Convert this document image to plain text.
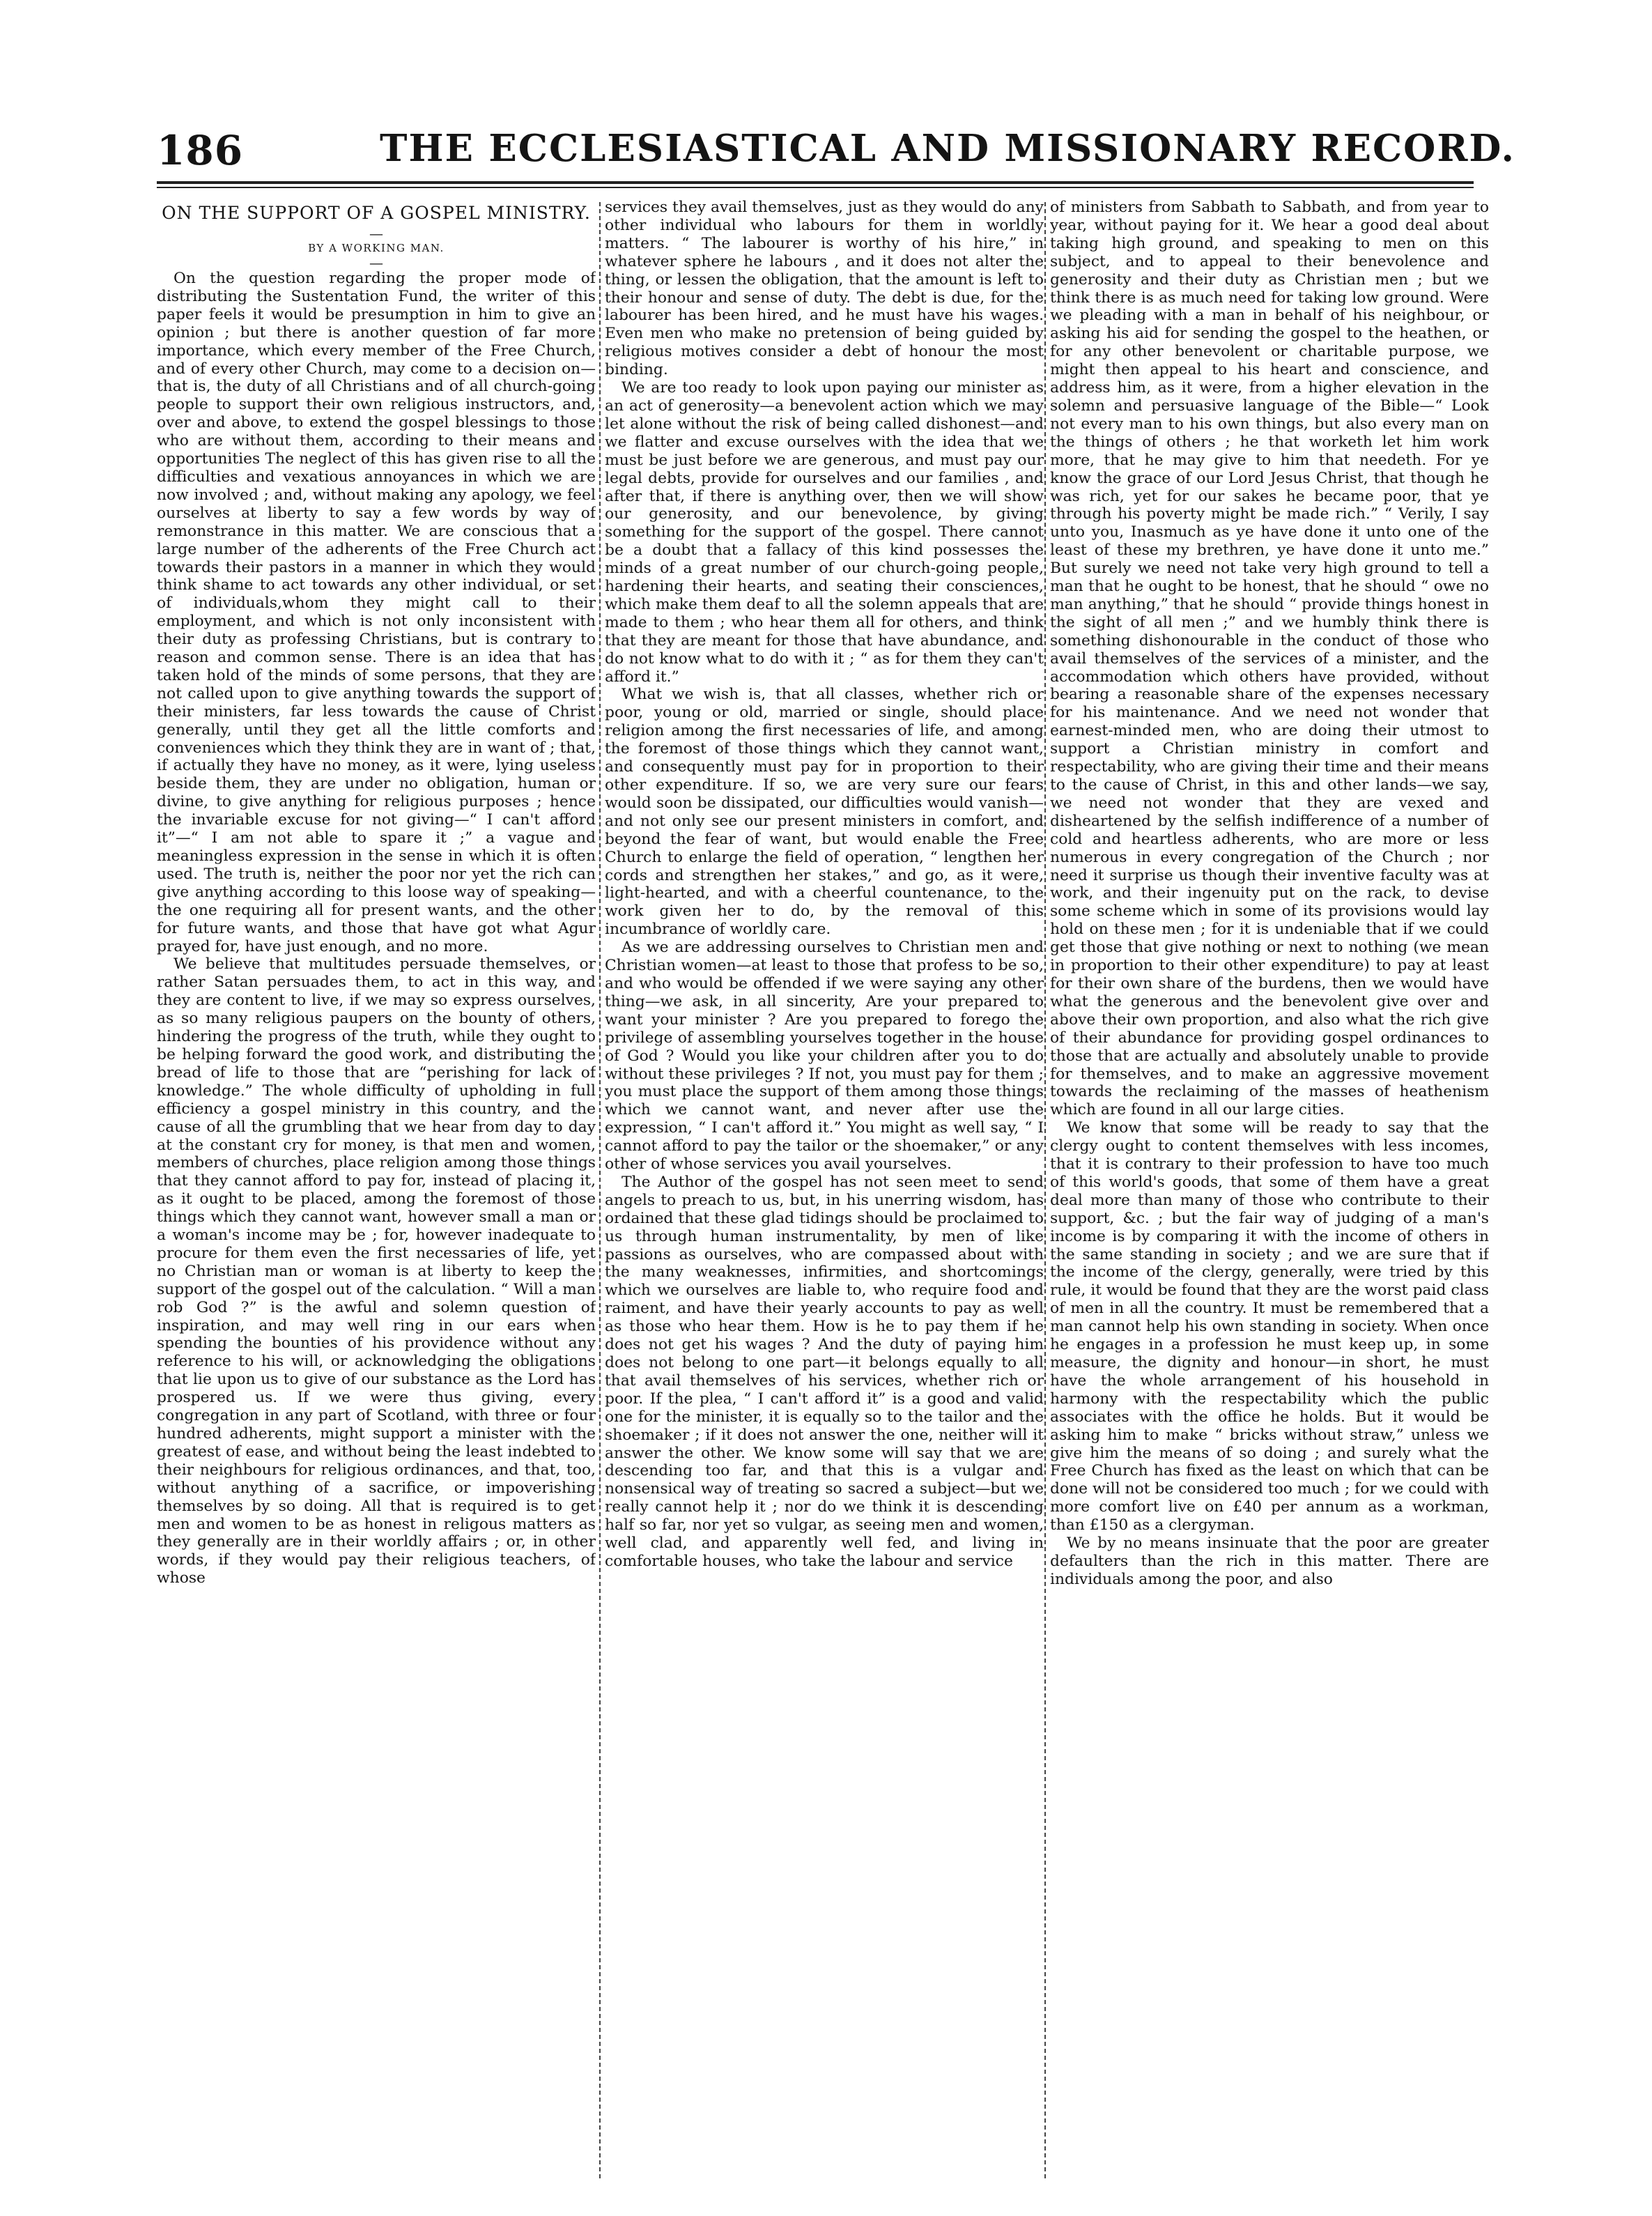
186	THE ECCLESIASTICAL AND MISSIONARY RECORD.

ON THE SUPPORT OF A GOSPEL MINISTRY.

—
BY A WORKING MAN.
—

On the question regarding the proper mode of distributing the Sustentation Fund, the writer of this paper feels it would be presumption in him to give an opinion ; but there is another question of far more importance, which every member of the Free Church, and of every other Church, may come to a decision on—that is, the duty of all Christians and of all church-going people to support their own religious instructors, and, over and above, to extend the gospel blessings to those who are without them, according to their means and opportunities The neglect of this has given rise to all the difficulties and vexatious annoyances in which we are now involved ; and, without making any apology, we feel ourselves at liberty to say a few words by way of remonstrance in this matter. We are conscious that a large number of the adherents of the Free Church act towards their pastors in a manner in which they would think shame to act towards any other individual, or set of individuals,whom they might call to their employment, and which is not only inconsistent with their duty as professing Christians, but is contrary to reason and common sense. There is an idea that has taken hold of the minds of some persons, that they are not called upon to give anything towards the support of their ministers, far less towards the cause of Christ generally, until they get all the little comforts and conveniences which they think they are in want of ; that, if actually they have no money, as it were, lying useless beside them, they are under no obligation, human or divine, to give anything for religious purposes ; hence the invariable excuse for not giving—“ I can't afford it”—“ I am not able to spare it ;” a vague and meaningless expression in the sense in which it is often used. The truth is, neither the poor nor yet the rich can give anything according to this loose way of speaking—the one requiring all for present wants, and the other for future wants, and those that have got what Agur prayed for, have just enough, and no more.

We believe that multitudes persuade themselves, or rather Satan persuades them, to act in this way, and they are content to live, if we may so express ourselves, as so many religious paupers on the bounty of others, hindering the progress of the truth, while they ought to be helping forward the good work, and distributing the bread of life to those that are “perishing for lack of knowledge.” The whole difficulty of upholding in full efficiency a gospel ministry in this country, and the cause of all the grumbling that we hear from day to day at the constant cry for money, is that men and women, members of churches, place religion among those things that they cannot afford to pay for, instead of placing it, as it ought to be placed, among the foremost of those things which they cannot want, however small a man or a woman's income may be ; for, however inadequate to procure for them even the first necessaries of life, yet no Christian man or woman is at liberty to keep the support of the gospel out of the calculation. “ Will a man rob God ?” is the awful and solemn question of inspiration, and may well ring in our ears when spending the bounties of his providence without any reference to his will, or acknowledging the obligations that lie upon us to give of our substance as the Lord has prospered us. If we were thus giving, every congregation in any part of Scotland, with three or four hundred adherents, might support a minister with the greatest of ease, and without being the least indebted to their neighbours for religious ordinances, and that, too, without anything of a sacrifice, or impoverishing themselves by so doing. All that is required is to get men and women to be as honest in religous matters as they generally are in their worldly affairs ; or, in other words, if they would pay their religious teachers, of whose

services they avail themselves, just as they would do any other individual who labours for them in worldly matters. “ The labourer is worthy of his hire,” in whatever sphere he labours , and it does not alter the thing, or lessen the obligation, that the amount is left to their honour and sense of duty. The debt is due, for the labourer has been hired, and he must have his wages. Even men who make no pretension of being guided by religious motives consider a debt of honour the most binding.

We are too ready to look upon paying our minister as an act of generosity—a benevolent action which we may let alone without the risk of being called dishonest—and we flatter and excuse ourselves with the idea that we must be just before we are generous, and must pay our legal debts, provide for ourselves and our families , and after that, if there is anything over, then we will show our generosity, and our benevolence, by giving something for the support of the gospel. There cannot be a doubt that a fallacy of this kind possesses the minds of a great number of our church-going people, hardening their hearts, and seating their consciences, which make them deaf to all the solemn appeals that are made to them ; who hear them all for others, and think that they are meant for those that have abundance, and do not know what to do with it ; “ as for them they can't afford it.”

What we wish is, that all classes, whether rich or poor, young or old, married or single, should place religion among the first necessaries of life, and among the foremost of those things which they cannot want, and consequently must pay for in proportion to their other expenditure. If so, we are very sure our fears would soon be dissipated, our difficulties would vanish—and not only see our present ministers in comfort, and beyond the fear of want, but would enable the Free Church to enlarge the field of operation, “ lengthen her cords and strengthen her stakes,” and go, as it were, light-hearted, and with a cheerful countenance, to the work given her to do, by the removal of this incumbrance of worldly care.

As we are addressing ourselves to Christian men and Christian women—at least to those that profess to be so, and who would be offended if we were saying any other thing—we ask, in all sincerity, Are your prepared to want your minister ? Are you prepared to forego the privilege of assembling yourselves together in the house of God ? Would you like your children after you to do without these privileges ? If not, you must pay for them ; you must place the support of them among those things which we cannot want, and never after use the expression, “ I can't afford it.” You might as well say, “ I cannot afford to pay the tailor or the shoemaker,” or any other of whose services you avail yourselves.

The Author of the gospel has not seen meet to send angels to preach to us, but, in his unerring wisdom, has ordained that these glad tidings should be proclaimed to us through human instrumentality, by men of like passions as ourselves, who are compassed about with the many weaknesses, infirmities, and shortcomings which we ourselves are liable to, who require food and raiment, and have their yearly accounts to pay as well as those who hear them. How is he to pay them if he does not get his wages ? And the duty of paying him does not belong to one part—it belongs equally to all that avail themselves of his services, whether rich or poor. If the plea, “ I can't afford it” is a good and valid one for the minister, it is equally so to the tailor and the shoemaker ; if it does not answer the one, neither will it answer the other. We know some will say that we are descending too far, and that this is a vulgar and nonsensical way of treating so sacred a subject—but we really cannot help it ; nor do we think it is descending half so far, nor yet so vulgar, as seeing men and women, well clad, and apparently well fed, and living in comfortable houses, who take the labour and service

of ministers from Sabbath to Sabbath, and from year to year, without paying for it. We hear a good deal about taking high ground, and speaking to men on this subject, and to appeal to their benevolence and generosity and their duty as Christian men ; but we think there is as much need for taking low ground. Were we pleading with a man in behalf of his neighbour, or asking his aid for sending the gospel to the heathen, or for any other benevolent or charitable purpose, we might then appeal to his heart and conscience, and address him, as it were, from a higher elevation in the solemn and persuasive language of the Bible—“ Look not every man to his own things, but also every man on the things of others ; he that worketh let him work more, that he may give to him that needeth. For ye know the grace of our Lord Jesus Christ, that though he was rich, yet for our sakes he became poor, that ye through his poverty might be made rich.” “ Verily, I say unto you, Inasmuch as ye have done it unto one of the least of these my brethren, ye have done it unto me.” But surely we need not take very high ground to tell a man that he ought to be honest, that he should “ owe no man anything,” that he should “ provide things honest in the sight of all men ;” and we humbly think there is something dishonourable in the conduct of those who avail themselves of the services of a minister, and the accommodation which others have provided, without bearing a reasonable share of the expenses necessary for his maintenance. And we need not wonder that earnest-minded men, who are doing their utmost to support a Christian ministry in comfort and respectability, who are giving their time and their means to the cause of Christ, in this and other lands—we say, we need not wonder that they are vexed and disheartened by the selfish indifference of a number of cold and heartless adherents, who are more or less numerous in every congregation of the Church ; nor need it surprise us though their inventive faculty was at work, and their ingenuity put on the rack, to devise some scheme which in some of its provisions would lay hold on these men ; for it is undeniable that if we could get those that give nothing or next to nothing (we mean in proportion to their other expenditure) to pay at least for their own share of the burdens, then we would have what the generous and the benevolent give over and above their own proportion, and also what the rich give of their abundance for providing gospel ordinances to those that are actually and absolutely unable to provide for themselves, and to make an aggressive movement towards the reclaiming of the masses of heathenism which are found in all our large cities.

We know that some will be ready to say that the clergy ought to content themselves with less incomes, that it is contrary to their profession to have too much of this world's goods, that some of them have a great deal more than many of those who contribute to their support, &c. ; but the fair way of judging of a man's income is by comparing it with the income of others in the same standing in society ; and we are sure that if the income of the clergy, generally, were tried by this rule, it would be found that they are the worst paid class of men in all the country. It must be remembered that a man cannot help his own standing in society. When once he engages in a profession he must keep up, in some measure, the dignity and honour—in short, he must have the whole arrangement of his household in harmony with the respectability which the public associates with the office he holds. But it would be asking him to make “ bricks without straw,” unless we give him the means of so doing ; and surely what the Free Church has fixed as the least on which that can be done will not be considered too much ; for we could with more comfort live on £40 per annum as a workman, than £150 as a clergyman.

We by no means insinuate that the poor are greater defaulters than the rich in this matter. There are individuals among the poor, and also
